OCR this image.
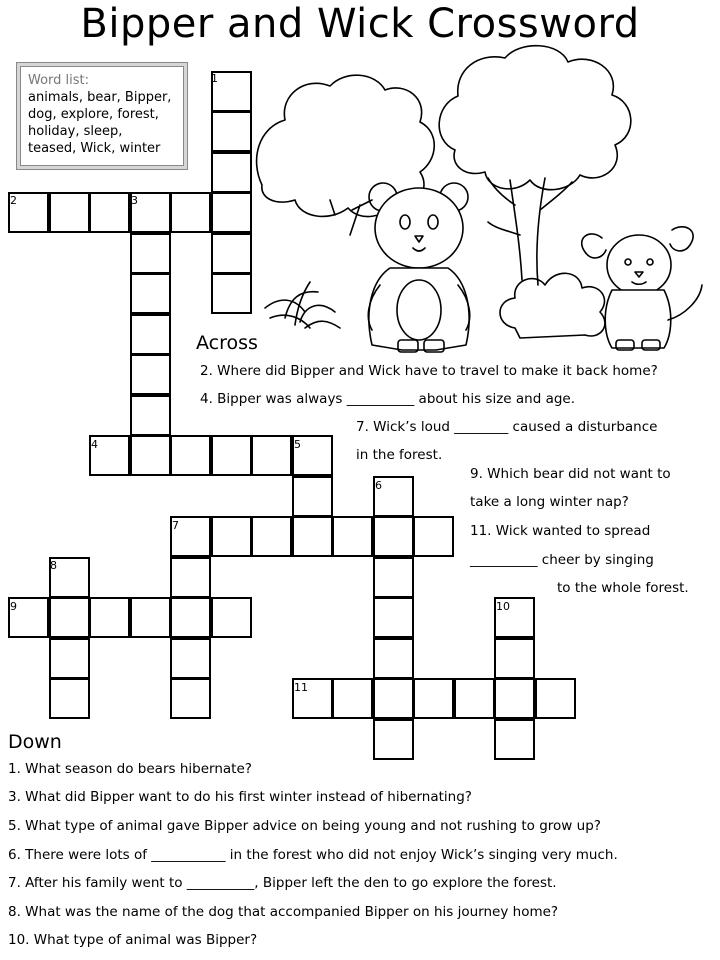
Bipper and Wick Crossword
Word list:
animals, bear, Bipper,
dog, explore, forest,
holiday, sleep,
teased, Wick, winter
1
2	3
4	5
6
7
8
9	10
11
Across
2. Where did Bipper and Wick have to travel to make it back home?
4. Bipper was always __________ about his size and age.
7. Wick’s loud ________ caused a disturbance
in the forest.
9. Which bear did not want to
take a long winter nap?
11. Wick wanted to spread
__________ cheer by singing
to the whole forest.
Down
1. What season do bears hibernate?
3. What did Bipper want to do his first winter instead of hibernating?
5. What type of animal gave Bipper advice on being young and not rushing to grow up?
6. There were lots of ___________ in the forest who did not enjoy Wick’s singing very much.
7. After his family went to __________, Bipper left the den to go explore the forest.
8. What was the name of the dog that accompanied Bipper on his journey home?
10. What type of animal was Bipper?
